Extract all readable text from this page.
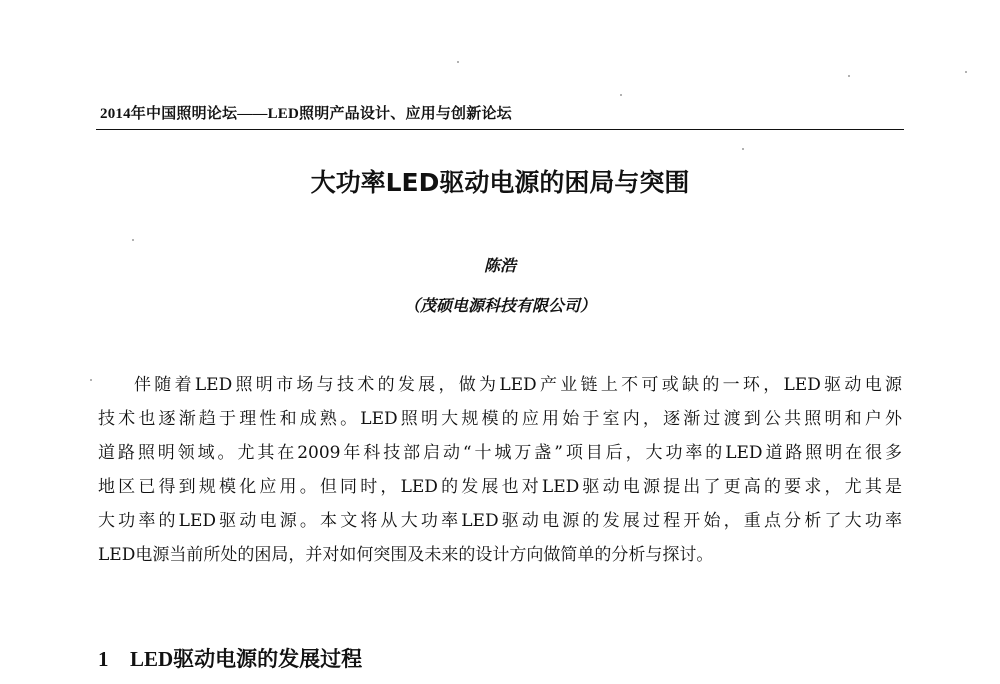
2014年中国照明论坛——LED照明产品设计、应用与创新论坛
大功率LED驱动电源的困局与突围
陈浩
（茂硕电源科技有限公司）
伴随着LED照明市场与技术的发展，做为LED产业链上不可或缺的一环，LED驱动电源
技术也逐渐趋于理性和成熟。LED照明大规模的应用始于室内，逐渐过渡到公共照明和户外
道路照明领域。尤其在2009年科技部启动“十城万盏”项目后，大功率的LED道路照明在很多
地区已得到规模化应用。但同时，LED的发展也对LED驱动电源提出了更高的要求，尤其是
大功率的LED驱动电源。本文将从大功率LED驱动电源的发展过程开始，重点分析了大功率
LED电源当前所处的困局，并对如何突围及未来的设计方向做简单的分析与探讨。
1 LED驱动电源的发展过程
